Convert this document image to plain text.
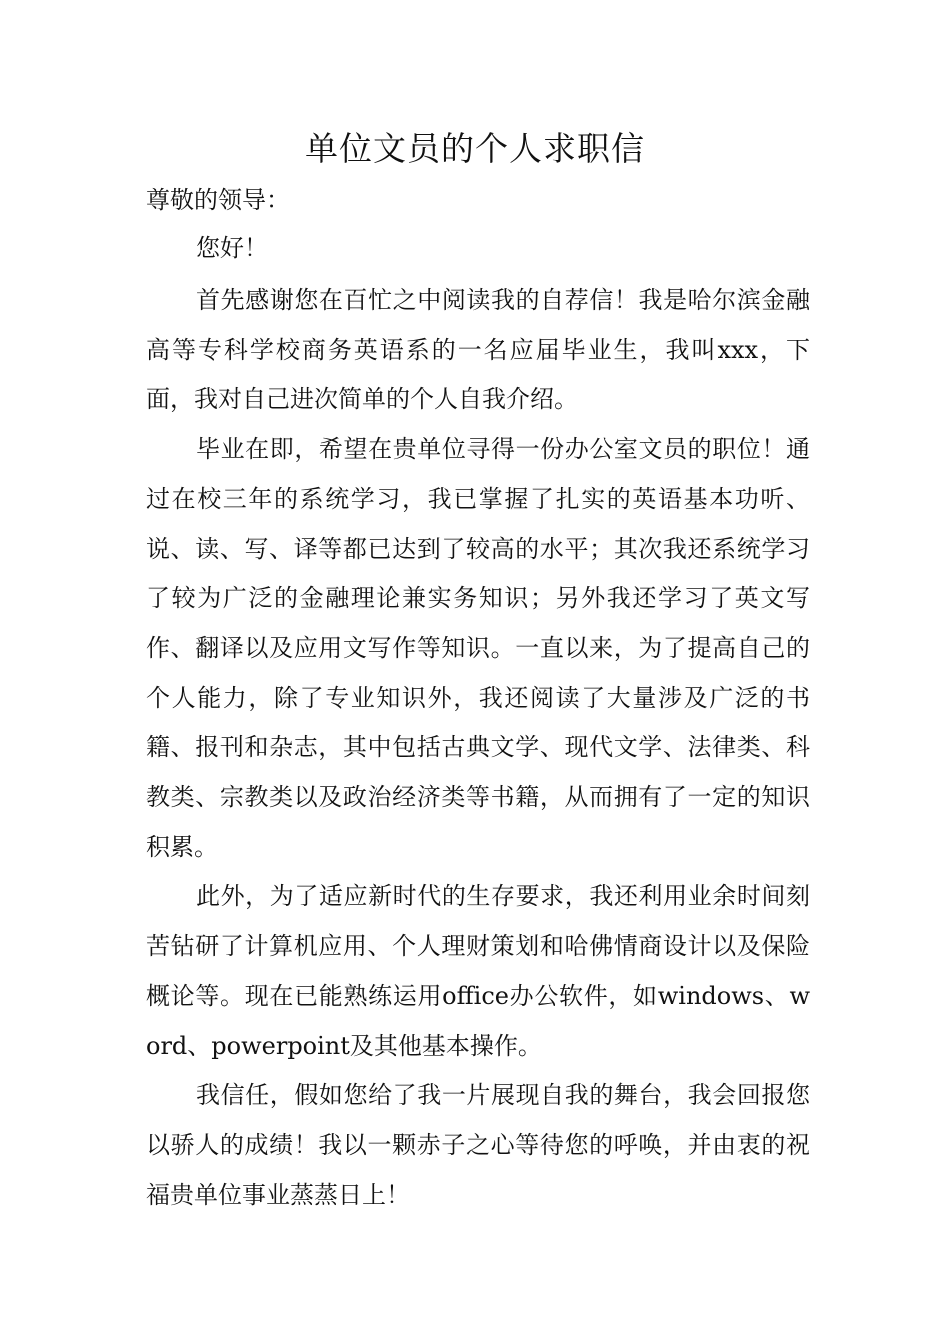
单位文员的个人求职信

尊敬的领导：

您好！

首先感谢您在百忙之中阅读我的自荐信！我是哈尔滨金融高等专科学校商务英语系的一名应届毕业生，我叫xxx，下面，我对自己进次简单的个人自我介绍。

毕业在即，希望在贵单位寻得一份办公室文员的职位！通过在校三年的系统学习，我已掌握了扎实的英语基本功听、说、读、写、译等都已达到了较高的水平；其次我还系统学习了较为广泛的金融理论兼实务知识；另外我还学习了英文写作、翻译以及应用文写作等知识。一直以来，为了提高自己的个人能力，除了专业知识外，我还阅读了大量涉及广泛的书籍、报刊和杂志，其中包括古典文学、现代文学、法律类、科教类、宗教类以及政治经济类等书籍，从而拥有了一定的知识积累。

此外，为了适应新时代的生存要求，我还利用业余时间刻苦钻研了计算机应用、个人理财策划和哈佛情商设计以及保险概论等。现在已能熟练运用office办公软件，如windows、word、powerpoint及其他基本操作。

我信任，假如您给了我一片展现自我的舞台，我会回报您以骄人的成绩！我以一颗赤子之心等待您的呼唤，并由衷的祝福贵单位事业蒸蒸日上！
